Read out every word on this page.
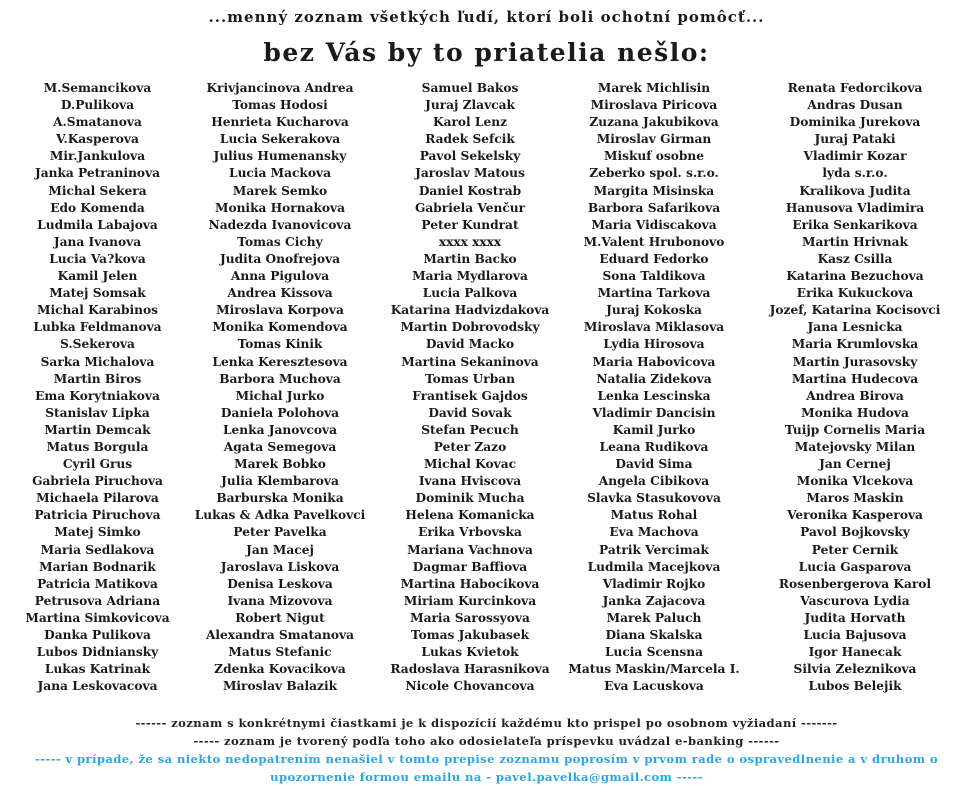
...menný zoznam všetkých ľudí, ktorí boli ochotní pomôcť...
bez Vás by to priatelia nešlo:
M.Semancikova
D.Pulikova
A.Smatanova
V.Kasperova
Mir.Jankulova
Janka Petraninova
Michal Sekera
Edo Komenda
Ludmila Labajova
Jana Ivanova
Lucia Va?kova
Kamil Jelen
Matej Somsak
Michal Karabinos
Lubka Feldmanova
S.Sekerova
Sarka Michalova
Martin Biros
Ema Korytniakova
Stanislav Lipka
Martin Demcak
Matus Borgula
Cyril Grus
Gabriela Piruchova
Michaela Pilarova
Patricia Piruchova
Matej Simko
Maria Sedlakova
Marian Bodnarik
Patricia Matikova
Petrusova Adriana
Martina Simkovicova
Danka Pulikova
Lubos Didniansky
Lukas Katrinak
Jana Leskovacova
Krivjancinova Andrea
Tomas Hodosi
Henrieta Kucharova
Lucia Sekerakova
Julius Humenansky
Lucia Mackova
Marek Semko
Monika Hornakova
Nadezda Ivanovicova
Tomas Cichy
Judita Onofrejova
Anna Pigulova
Andrea Kissova
Miroslava Korpova
Monika Komendova
Tomas Kinik
Lenka Keresztesova
Barbora Muchova
Michal Jurko
Daniela Polohova
Lenka Janovcova
Agata Semegova
Marek Bobko
Julia Klembarova
Barburska Monika
Lukas & Adka Pavelkovci
Peter Pavelka
Jan Macej
Jaroslava Liskova
Denisa Leskova
Ivana Mizovova
Robert Nigut
Alexandra Smatanova
Matus Stefanic
Zdenka Kovacikova
Miroslav Balazik
Samuel Bakos
Juraj Zlavcak
Karol Lenz
Radek Sefcik
Pavol Sekelsky
Jaroslav Matous
Daniel Kostrab
Gabriela Venčur
Peter Kundrat
xxxx xxxx
Martin Backo
Maria Mydlarova
Lucia Palkova
Katarina Hadvizdakova
Martin Dobrovodsky
David Macko
Martina Sekaninova
Tomas Urban
Frantisek Gajdos
David Sovak
Stefan Pecuch
Peter Zazo
Michal Kovac
Ivana Hviscova
Dominik Mucha
Helena Komanicka
Erika Vrbovska
Mariana Vachnova
Dagmar Baffiova
Martina Habocikova
Miriam Kurcinkova
Maria Sarossyova
Tomas Jakubasek
Lukas Kvietok
Radoslava Harasnikova
Nicole Chovancova
Marek Michlisin
Miroslava Piricova
Zuzana Jakubikova
Miroslav Girman
Miskuf osobne
Zeberko spol. s.r.o.
Margita Misinska
Barbora Safarikova
Maria Vidiscakova
M.Valent Hrubonovo
Eduard Fedorko
Sona Taldikova
Martina Tarkova
Juraj Kokoska
Miroslava Miklasova
Lydia Hirosova
Maria Habovicova
Natalia Zidekova
Lenka Lescinska
Vladimir Dancisin
Kamil Jurko
Leana Rudikova
David Sima
Angela Cibikova
Slavka Stasukovova
Matus Rohal
Eva Machova
Patrik Vercimak
Ludmila Macejkova
Vladimir Rojko
Janka Zajacova
Marek Paluch
Diana Skalska
Lucia Scensna
Matus Maskin/Marcela I.
Eva Lacuskova
Renata Fedorcikova
Andras Dusan
Dominika Jurekova
Juraj Pataki
Vladimir Kozar
lyda s.r.o.
Kralikova Judita
Hanusova Vladimira
Erika Senkarikova
Martin Hrivnak
Kasz Csilla
Katarina Bezuchova
Erika Kukuckova
Jozef, Katarina Kocisovci
Jana Lesnicka
Maria Krumlovska
Martin Jurasovsky
Martina Hudecova
Andrea Birova
Monika Hudova
Tuijp Cornelis Maria
Matejovsky Milan
Jan Cernej
Monika Vlcekova
Maros Maskin
Veronika Kasperova
Pavol Bojkovsky
Peter Cernik
Lucia Gasparova
Rosenbergerova Karol
Vascurova Lydia
Judita Horvath
Lucia Bajusova
Igor Hanecak
Silvia Zeleznikova
Lubos Belejik
------ zoznam s konkrétnymi čiastkami je k dispozícií každému kto prispel po osobnom vyžiadaní -------
----- zoznam je tvorený podľa toho ako odosielateľa príspevku uvádzal e-banking ------
----- v prípade, že sa niekto nedopatrením nenašiel v tomto prepise zoznamu poprosím v prvom rade o ospravedlnenie a v druhom o
upozornenie formou emailu na - pavel.pavelka@gmail.com -----
